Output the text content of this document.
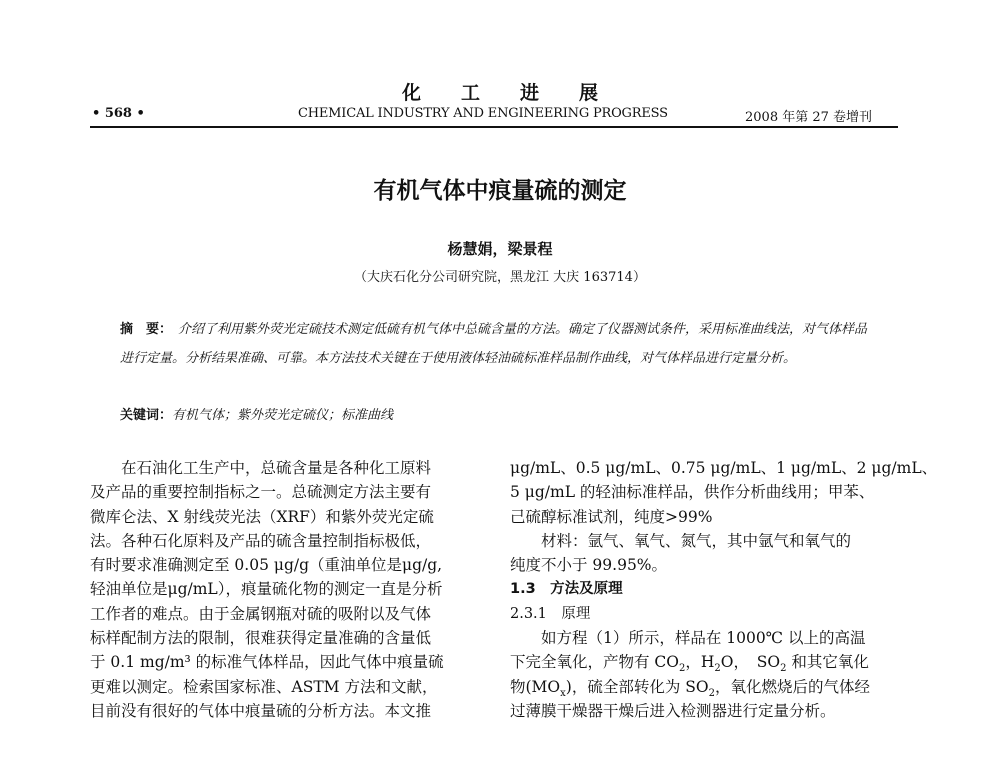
化 工 进 展
• 568 •	CHEMICAL INDUSTRY AND ENGINEERING PROGRESS	2008 年第 27 卷增刊
有机气体中痕量硫的测定
杨慧娟，梁景程
（大庆石化分公司研究院，黑龙江 大庆 163714）
摘　要： 介绍了利用紫外荧光定硫技术测定低硫有机气体中总硫含量的方法。确定了仪器测试条件，采用标准曲线法，对气体样品进行定量。分析结果准确、可靠。本方法技术关键在于使用液体轻油硫标准样品制作曲线，对气体样品进行定量分析。
关键词：有机气体；紫外荧光定硫仪；标准曲线
　　在石油化工生产中，总硫含量是各种化工原料
及产品的重要控制指标之一。总硫测定方法主要有
微库仑法、X 射线荧光法（XRF）和紫外荧光定硫
法。各种石化原料及产品的硫含量控制指标极低，
有时要求准确测定至 0.05 μg/g（重油单位是μg/g,
轻油单位是μg/mL），痕量硫化物的测定一直是分析
工作者的难点。由于金属钢瓶对硫的吸附以及气体
标样配制方法的限制，很难获得定量准确的含量低
于 0.1 mg/m³ 的标准气体样品，因此气体中痕量硫
更难以测定。检索国家标准、ASTM 方法和文献，
目前没有很好的气体中痕量硫的分析方法。本文推
μg/mL、0.5 μg/mL、0.75 μg/mL、1 μg/mL、2 μg/mL、
5 μg/mL 的轻油标准样品，供作分析曲线用；甲苯、
己硫醇标准试剂，纯度>99%
　　材料：氩气、氧气、氮气，其中氩气和氧气的
纯度不小于 99.95%。
1.3　方法及原理
2.3.1　原理
　　如方程（1）所示，样品在 1000℃ 以上的高温
下完全氧化，产物有 $CO_2$，$H_2O$，　$SO_2$ 和其它氧化
物$(MO_x)$，硫全部转化为 $SO_2$，氧化燃烧后的气体经
过薄膜干燥器干燥后进入检测器进行定量分析。
